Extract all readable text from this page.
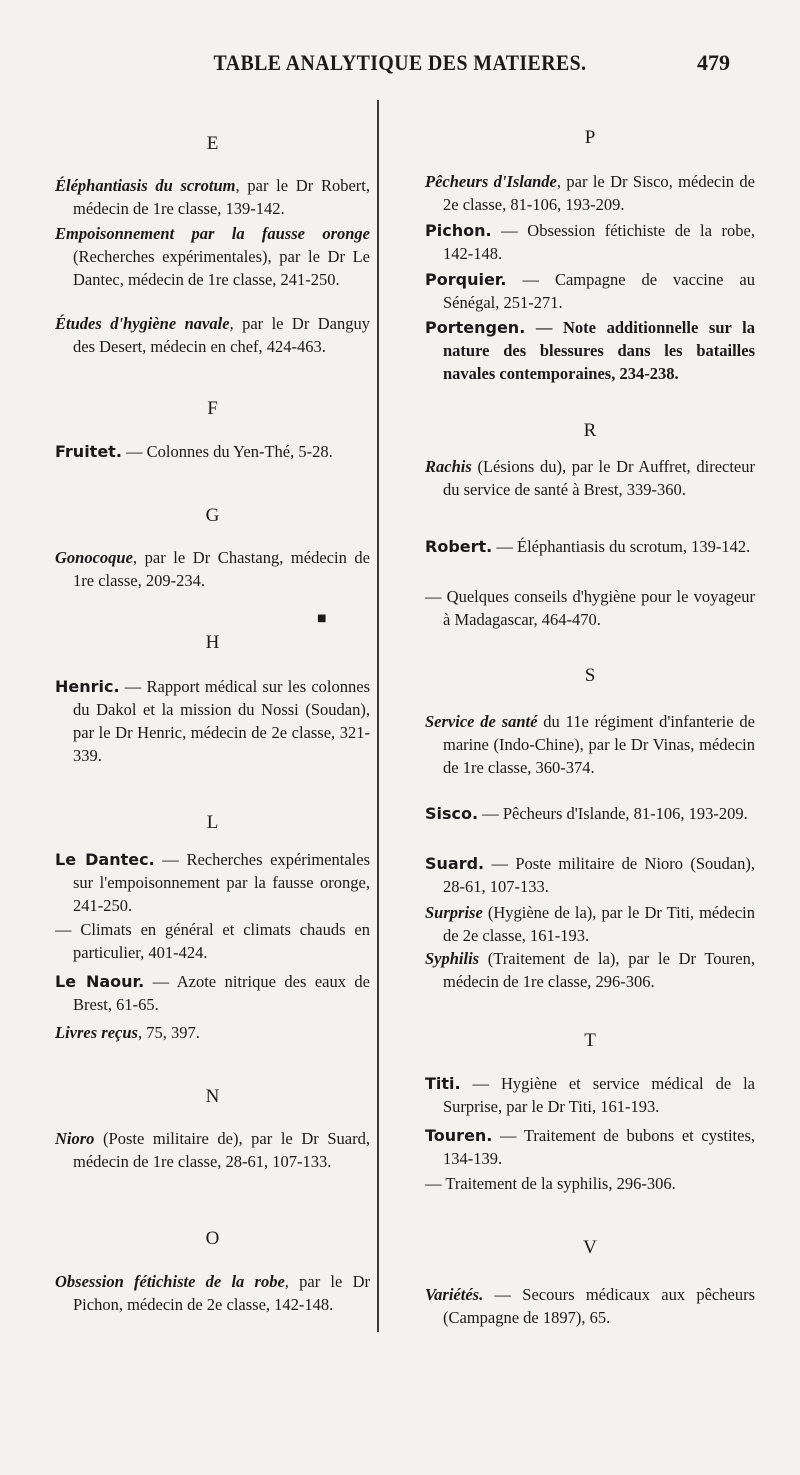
TABLE ANALYTIQUE DES MATIERES.	479
E
Éléphantiasis du scrotum, par le Dr Robert, médecin de 1re classe, 139-142.
Empoisonnement par la fausse oronge (Recherches expérimentales), par le Dr Le Dantec, médecin de 1re classe, 241-250.
Études d'hygiène navale, par le Dr Danguy des Desert, médecin en chef, 424-463.
F
Fruitet. — Colonnes du Yen-Thé, 5-28.
G
Gonocoque, par le Dr Chastang, médecin de 1re classe, 209-234.
■
H
Henric. — Rapport médical sur les colonnes du Dakol et la mission du Nossi (Soudan), par le Dr Henric, médecin de 2e classe, 321-339.
L
Le Dantec. — Recherches expérimentales sur l'empoisonnement par la fausse oronge, 241-250.
— Climats en général et climats chauds en particulier, 401-424.
Le Naour. — Azote nitrique des eaux de Brest, 61-65.
Livres reçus, 75, 397.
N
Nioro (Poste militaire de), par le Dr Suard, médecin de 1re classe, 28-61, 107-133.
O
Obsession fétichiste de la robe, par le Dr Pichon, médecin de 2e classe, 142-148.
P
Pêcheurs d'Islande, par le Dr Sisco, médecin de 2e classe, 81-106, 193-209.
Pichon. — Obsession fétichiste de la robe, 142-148.
Porquier. — Campagne de vaccine au Sénégal, 251-271.
Portengen. — Note additionnelle sur la nature des blessures dans les batailles navales contemporaines, 234-238.
R
Rachis (Lésions du), par le Dr Auffret, directeur du service de santé à Brest, 339-360.
Robert. — Éléphantiasis du scrotum, 139-142.
— Quelques conseils d'hygiène pour le voyageur à Madagascar, 464-470.
S
Service de santé du 11e régiment d'infanterie de marine (Indo-Chine), par le Dr Vinas, médecin de 1re classe, 360-374.
Sisco. — Pêcheurs d'Islande, 81-106, 193-209.
Suard. — Poste militaire de Nioro (Soudan), 28-61, 107-133.
Surprise (Hygiène de la), par le Dr Titi, médecin de 2e classe, 161-193.
Syphilis (Traitement de la), par le Dr Touren, médecin de 1re classe, 296-306.
T
Titi. — Hygiène et service médical de la Surprise, par le Dr Titi, 161-193.
Touren. — Traitement de bubons et cystites, 134-139.
— Traitement de la syphilis, 296-306.
V
Variétés. — Secours médicaux aux pêcheurs (Campagne de 1897), 65.
